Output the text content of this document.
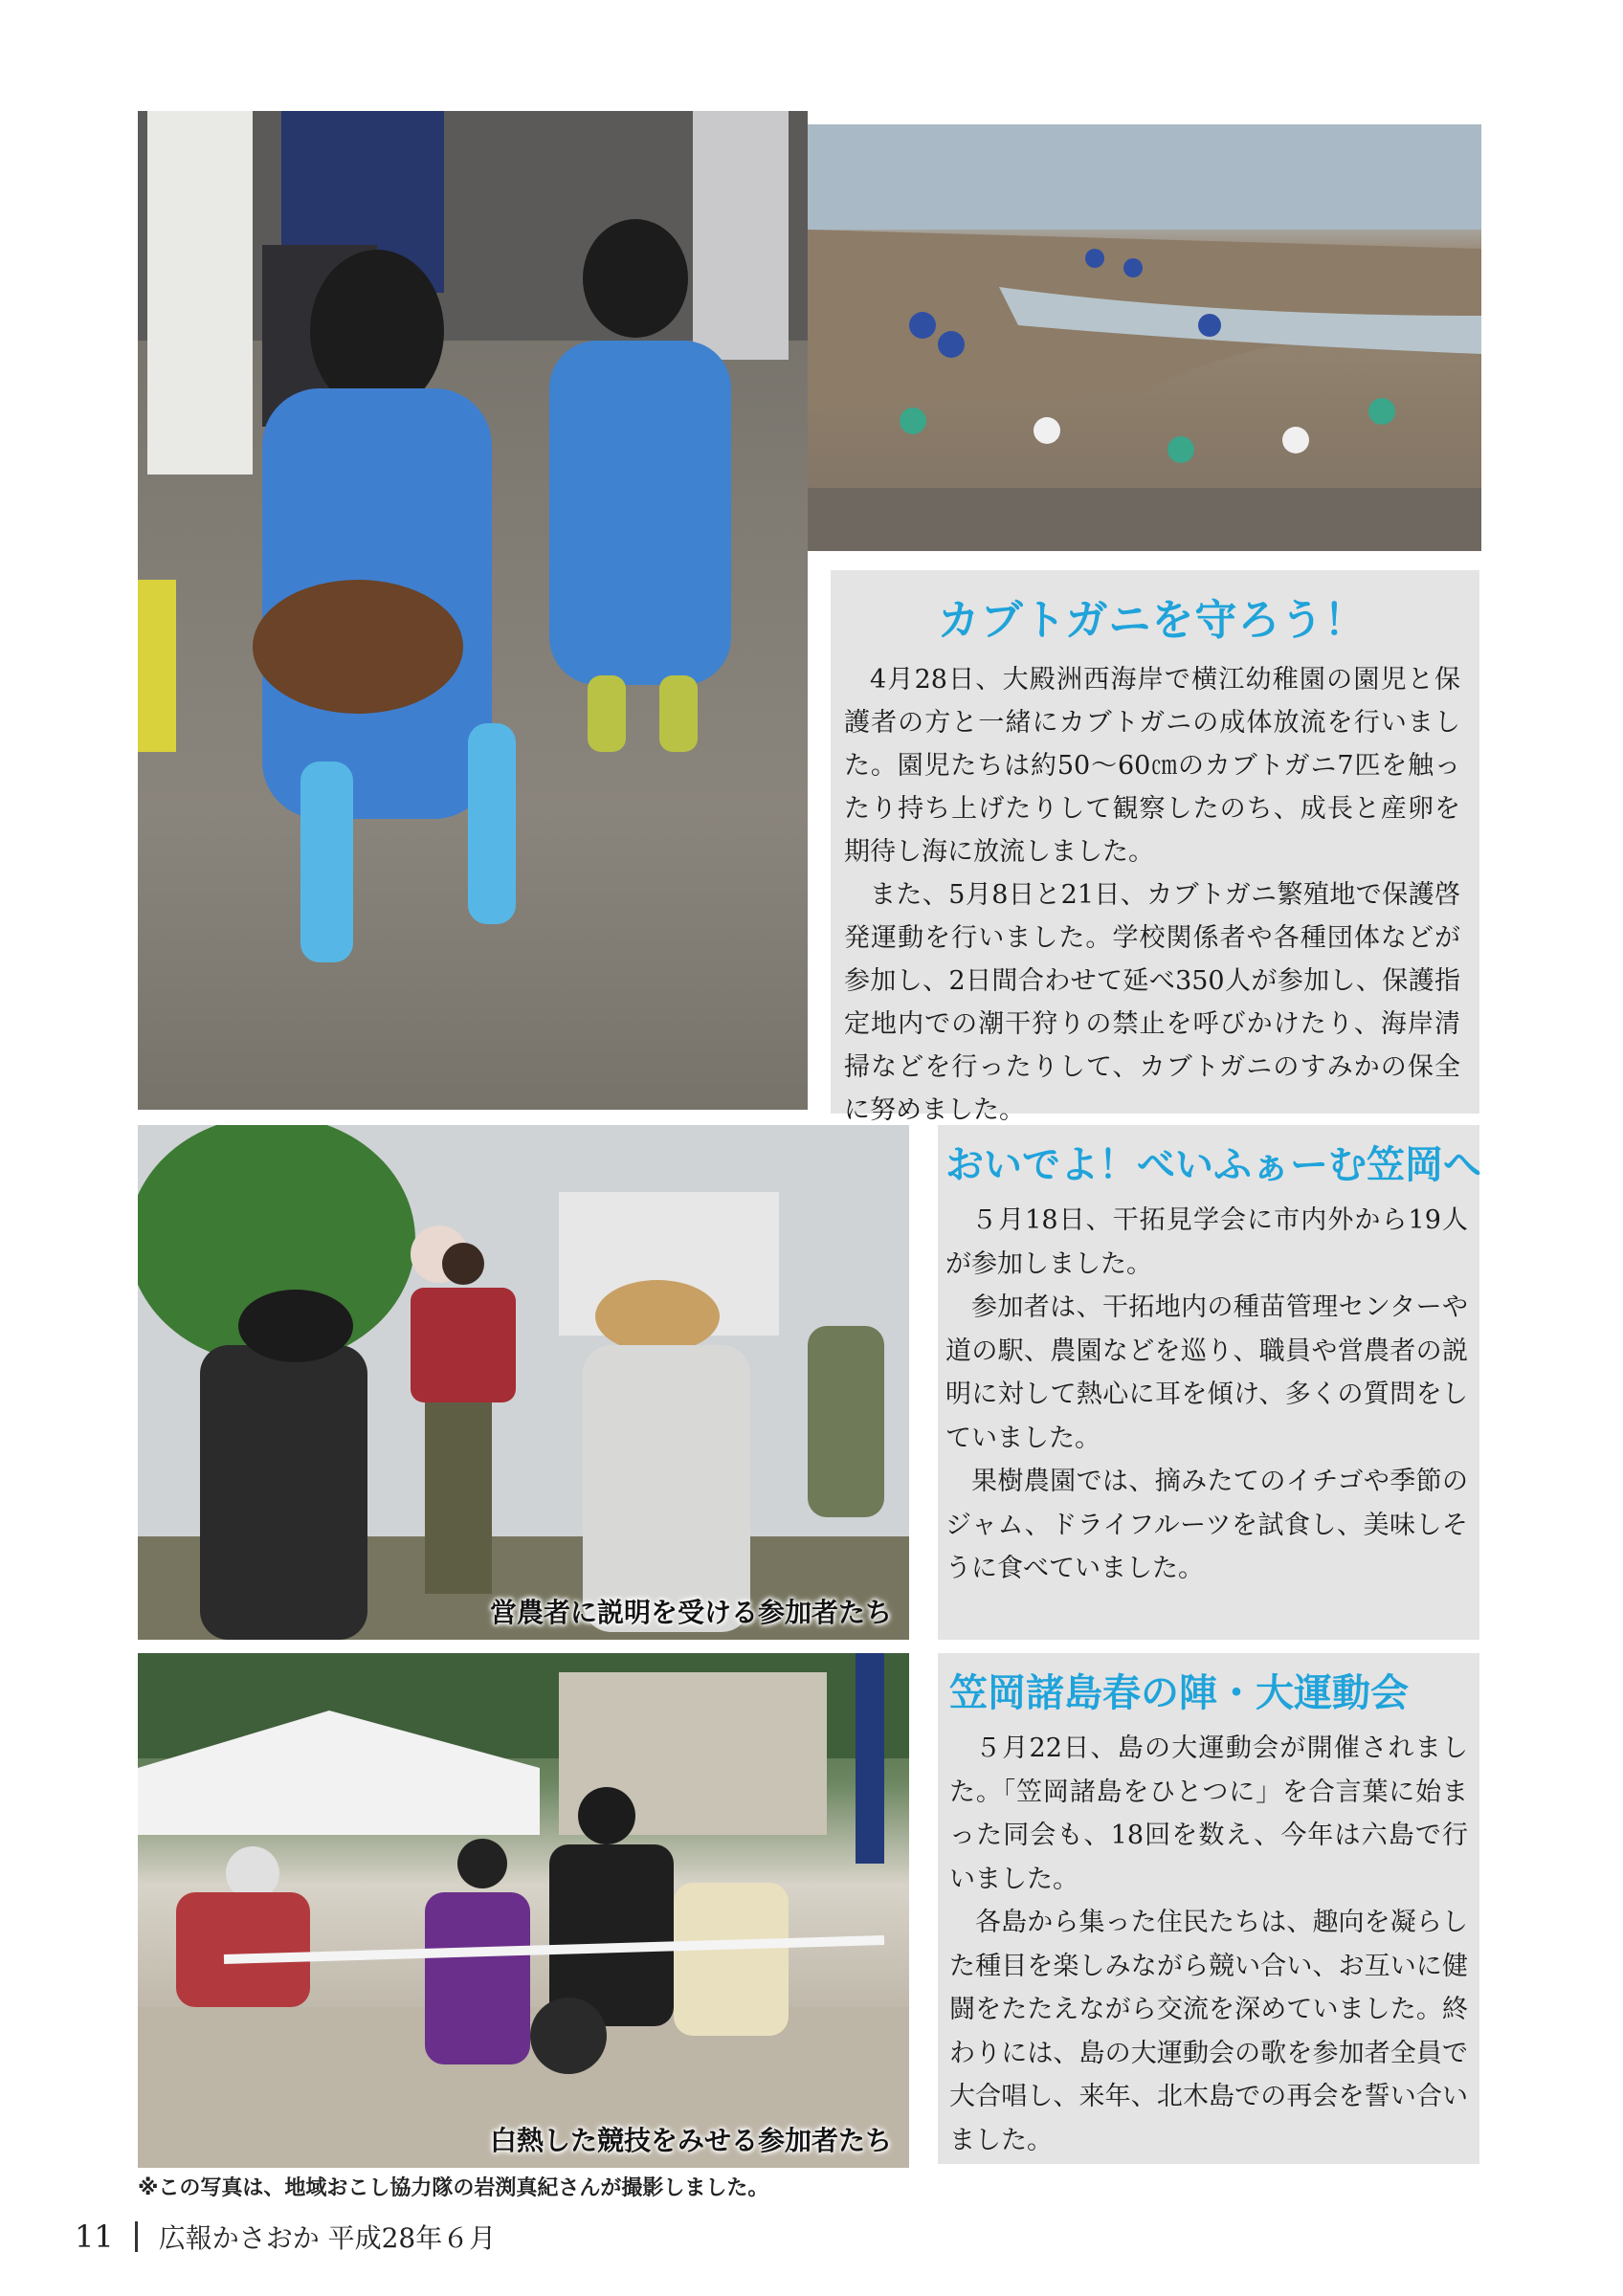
カブトガニを守ろう！

4月28日、大殿洲西海岸で横江幼稚園の園児と保護者の方と一緒にカブトガニの成体放流を行いました。園児たちは約50〜60㎝のカブトガニ7匹を触ったり持ち上げたりして観察したのち、成長と産卵を期待し海に放流しました。

また、5月8日と21日、カブトガニ繁殖地で保護啓発運動を行いました。学校関係者や各種団体などが参加し、2日間合わせて延べ350人が参加し、保護指定地内での潮干狩りの禁止を呼びかけたり、海岸清掃などを行ったりして、カブトガニのすみかの保全に努めました。

営農者に説明を受ける参加者たち
おいでよ！べいふぁーむ笠岡へ

５月18日、干拓見学会に市内外から19人が参加しました。

参加者は、干拓地内の種苗管理センターや道の駅、農園などを巡り、職員や営農者の説明に対して熱心に耳を傾け、多くの質問をしていました。

果樹農園では、摘みたてのイチゴや季節のジャム、ドライフルーツを試食し、美味しそうに食べていました。

白熱した競技をみせる参加者たち
笠岡諸島春の陣・大運動会

５月22日、島の大運動会が開催されました。「笠岡諸島をひとつに」を合言葉に始まった同会も、18回を数え、今年は六島で行いました。

各島から集った住民たちは、趣向を凝らした種目を楽しみながら競い合い、お互いに健闘をたたえながら交流を深めていました。終わりには、島の大運動会の歌を参加者全員で大合唱し、来年、北木島での再会を誓い合いました。

※この写真は、地域おこし協力隊の岩渕真紀さんが撮影しました。
11 広報かさおか 平成28年６月
